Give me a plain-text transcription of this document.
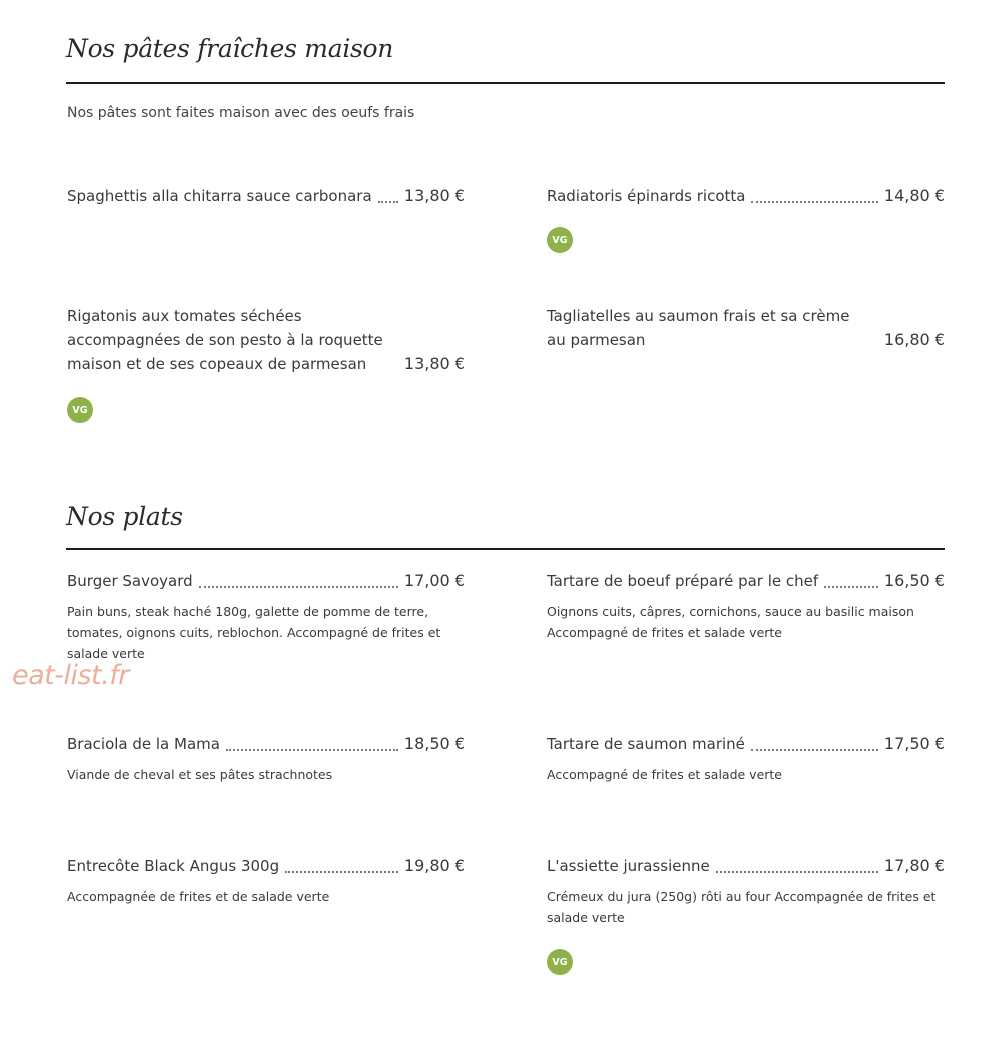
Nos pâtes fraîches maison
Nos pâtes sont faites maison avec des oeufs frais
Spaghettis alla chitarra sauce carbonara 13,80 €	Radiatoris épinards ricotta	14,80 €
VG
Rigatonis aux tomates séchées accompagnées de son pesto à la roquette maison et de ses copeaux de parmesan	13,80 €
VG
Tagliatelles au saumon frais et sa crème au parmesan	16,80 €
Nos plats
Burger Savoyard	17,00 €
Pain buns, steak haché 180g, galette de pomme de terre, tomates, oignons cuits, reblochon. Accompagné de frites et salade verte
Tartare de boeuf préparé par le chef	16,50 €
Oignons cuits, câpres, cornichons, sauce au basilic maison Accompagné de frites et salade verte
Braciola de la Mama	18,50 €
Viande de cheval et ses pâtes strachnotes
Tartare de saumon mariné	17,50 €
Accompagné de frites et salade verte
Entrecôte Black Angus 300g	19,80 €
Accompagnée de frites et de salade verte
L'assiette jurassienne	17,80 €
Crémeux du jura (250g) rôti au four Accompagnée de frites et salade verte
VG
eat-list.fr
